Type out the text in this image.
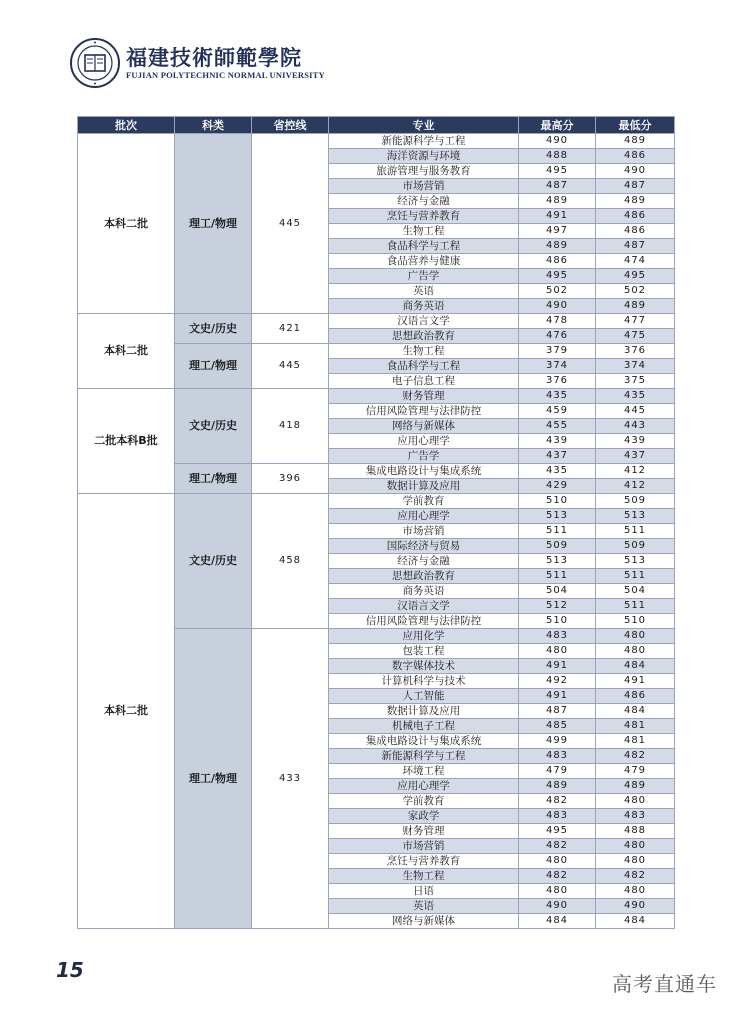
福建技術師範學院
FUJIAN POLYTECHNIC NORMAL UNIVERSITY
批次	科类	省控线	专业	最高分	最低分
本科二批	理工/物理	445	新能源科学与工程	490	489
			海洋资源与环境	488	486
			旅游管理与服务教育	495	490
			市场营销	487	487
			经济与金融	489	489
			烹饪与营养教育	491	486
			生物工程	497	486
			食品科学与工程	489	487
			食品营养与健康	486	474
			广告学	495	495
			英语	502	502
			商务英语	490	489
本科二批	文史/历史	421	汉语言文学	478	477
			思想政治教育	476	475
	理工/物理	445	生物工程	379	376
			食品科学与工程	374	374
			电子信息工程	376	375
二批本科B批	文史/历史	418	财务管理	435	435
			信用风险管理与法律防控	459	445
			网络与新媒体	455	443
			应用心理学	439	439
			广告学	437	437
	理工/物理	396	集成电路设计与集成系统	435	412
			数据计算及应用	429	412
本科二批	文史/历史	458	学前教育	510	509
			应用心理学	513	513
			市场营销	511	511
			国际经济与贸易	509	509
			经济与金融	513	513
			思想政治教育	511	511
			商务英语	504	504
			汉语言文学	512	511
			信用风险管理与法律防控	510	510
	理工/物理	433	应用化学	483	480
			包装工程	480	480
			数字媒体技术	491	484
			计算机科学与技术	492	491
			人工智能	491	486
			数据计算及应用	487	484
			机械电子工程	485	481
			集成电路设计与集成系统	499	481
			新能源科学与工程	483	482
			环境工程	479	479
			应用心理学	489	489
			学前教育	482	480
			家政学	483	483
			财务管理	495	488
			市场营销	482	480
			烹饪与营养教育	480	480
			生物工程	482	482
			日语	480	480
			英语	490	490
			网络与新媒体	484	484
15
高考直通车
